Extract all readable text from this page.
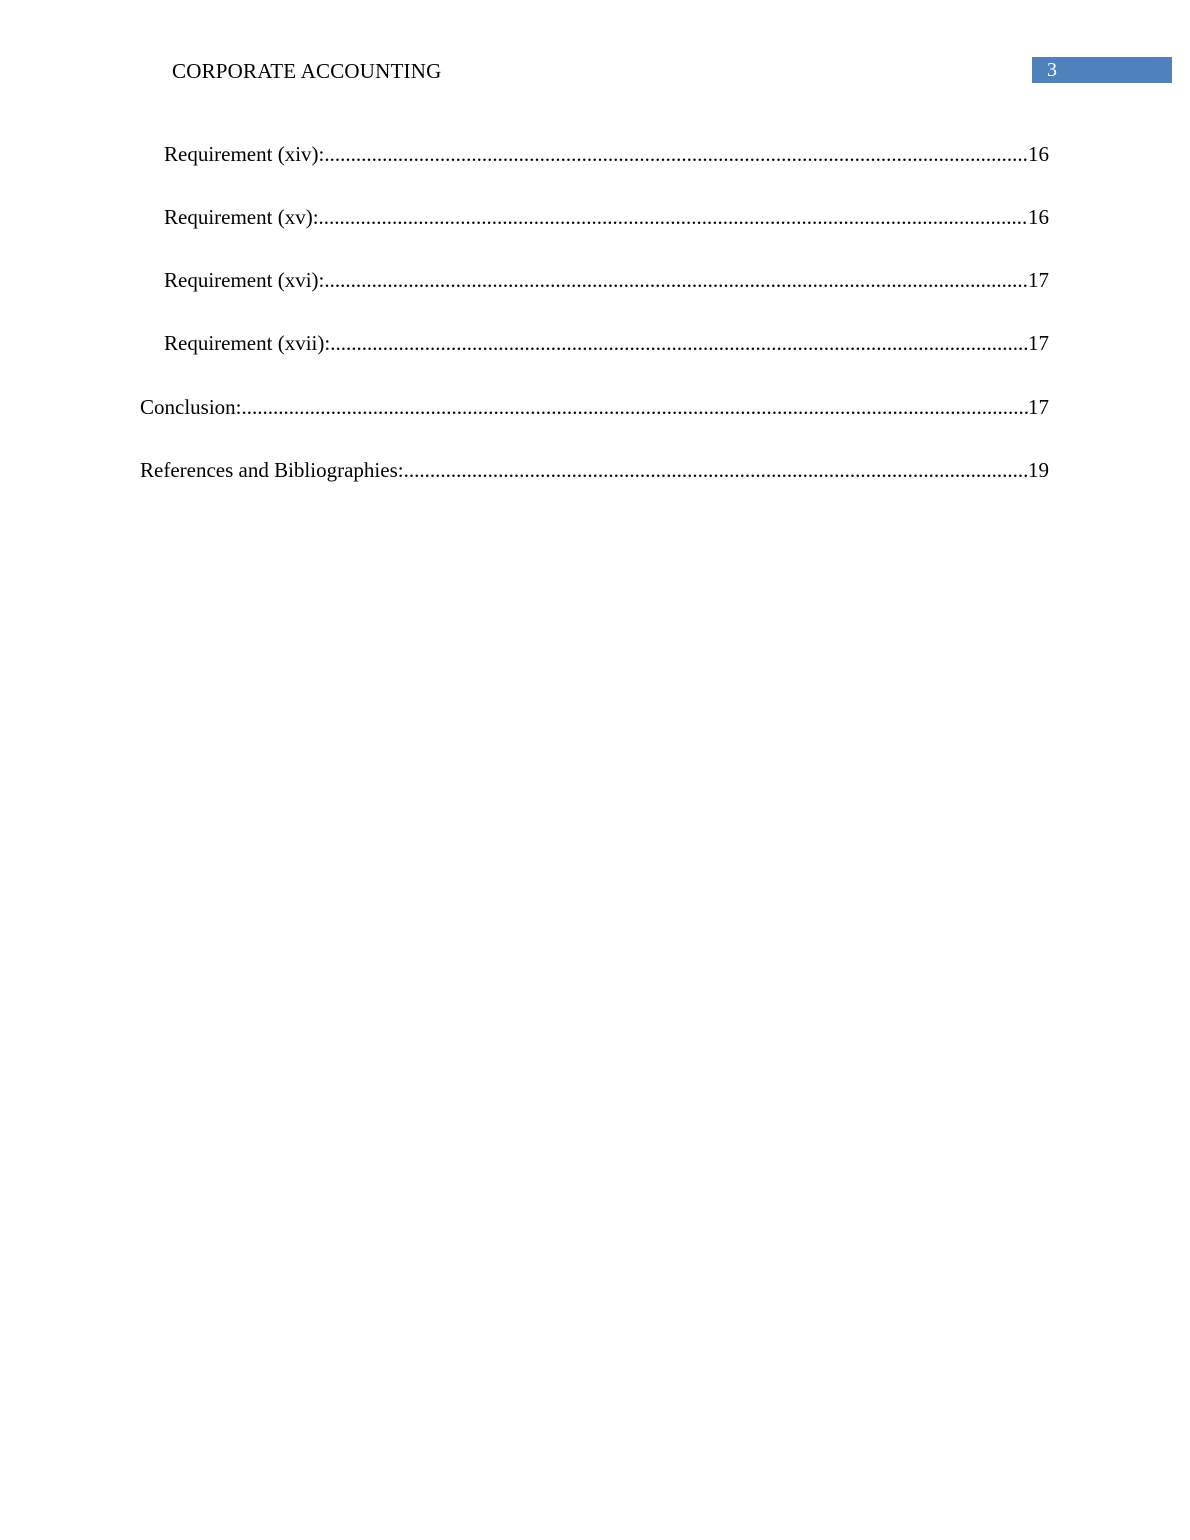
CORPORATE ACCOUNTING	3
Requirement (xiv): .....	16
Requirement (xv): .....	16
Requirement (xvi): .....	17
Requirement (xvii): .....	17
Conclusion: .....	17
References and Bibliographies: .....	19
